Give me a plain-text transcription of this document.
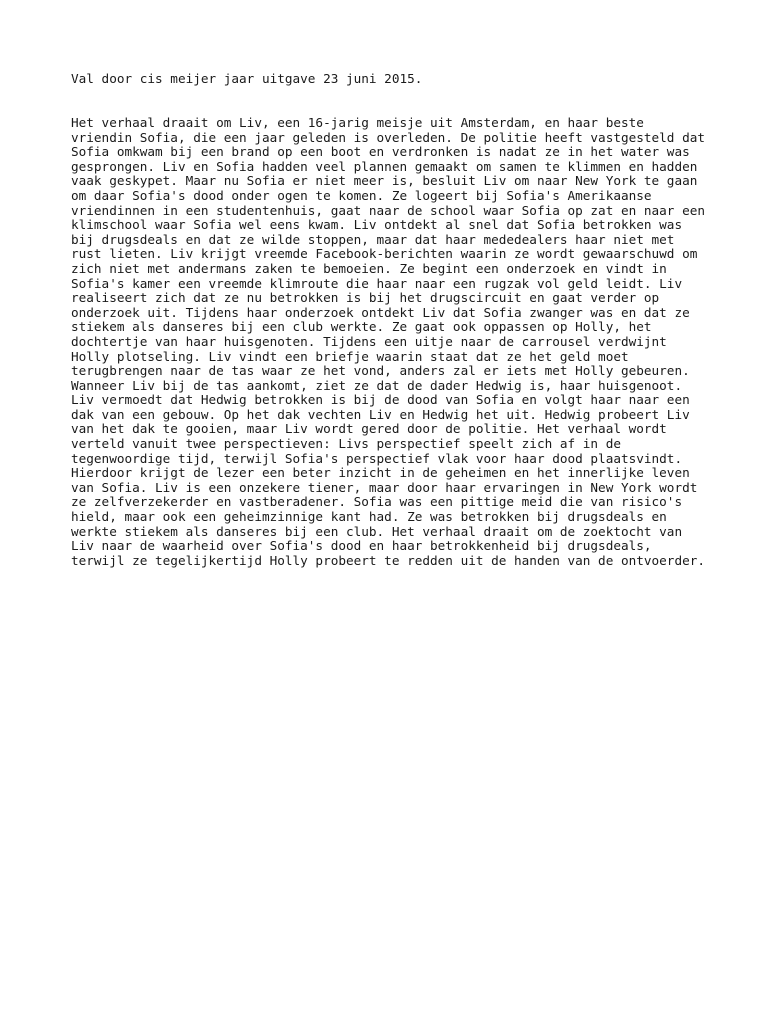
Val door cis meijer jaar uitgave 23 juni 2015.
Het verhaal draait om Liv, een 16-jarig meisje uit Amsterdam, en haar beste
vriendin Sofia, die een jaar geleden is overleden. De politie heeft vastgesteld dat
Sofia omkwam bij een brand op een boot en verdronken is nadat ze in het water was
gesprongen. Liv en Sofia hadden veel plannen gemaakt om samen te klimmen en hadden
vaak geskypet. Maar nu Sofia er niet meer is, besluit Liv om naar New York te gaan
om daar Sofia's dood onder ogen te komen. Ze logeert bij Sofia's Amerikaanse
vriendinnen in een studentenhuis, gaat naar de school waar Sofia op zat en naar een
klimschool waar Sofia wel eens kwam. Liv ontdekt al snel dat Sofia betrokken was
bij drugsdeals en dat ze wilde stoppen, maar dat haar mededealers haar niet met
rust lieten. Liv krijgt vreemde Facebook-berichten waarin ze wordt gewaarschuwd om
zich niet met andermans zaken te bemoeien. Ze begint een onderzoek en vindt in
Sofia's kamer een vreemde klimroute die haar naar een rugzak vol geld leidt. Liv
realiseert zich dat ze nu betrokken is bij het drugscircuit en gaat verder op
onderzoek uit. Tijdens haar onderzoek ontdekt Liv dat Sofia zwanger was en dat ze
stiekem als danseres bij een club werkte. Ze gaat ook oppassen op Holly, het
dochtertje van haar huisgenoten. Tijdens een uitje naar de carrousel verdwijnt
Holly plotseling. Liv vindt een briefje waarin staat dat ze het geld moet
terugbrengen naar de tas waar ze het vond, anders zal er iets met Holly gebeuren.
Wanneer Liv bij de tas aankomt, ziet ze dat de dader Hedwig is, haar huisgenoot.
Liv vermoedt dat Hedwig betrokken is bij de dood van Sofia en volgt haar naar een
dak van een gebouw. Op het dak vechten Liv en Hedwig het uit. Hedwig probeert Liv
van het dak te gooien, maar Liv wordt gered door de politie. Het verhaal wordt
verteld vanuit twee perspectieven: Livs perspectief speelt zich af in de
tegenwoordige tijd, terwijl Sofia's perspectief vlak voor haar dood plaatsvindt.
Hierdoor krijgt de lezer een beter inzicht in de geheimen en het innerlijke leven
van Sofia. Liv is een onzekere tiener, maar door haar ervaringen in New York wordt
ze zelfverzekerder en vastberadener. Sofia was een pittige meid die van risico's
hield, maar ook een geheimzinnige kant had. Ze was betrokken bij drugsdeals en
werkte stiekem als danseres bij een club. Het verhaal draait om de zoektocht van
Liv naar de waarheid over Sofia's dood en haar betrokkenheid bij drugsdeals,
terwijl ze tegelijkertijd Holly probeert te redden uit de handen van de ontvoerder.
